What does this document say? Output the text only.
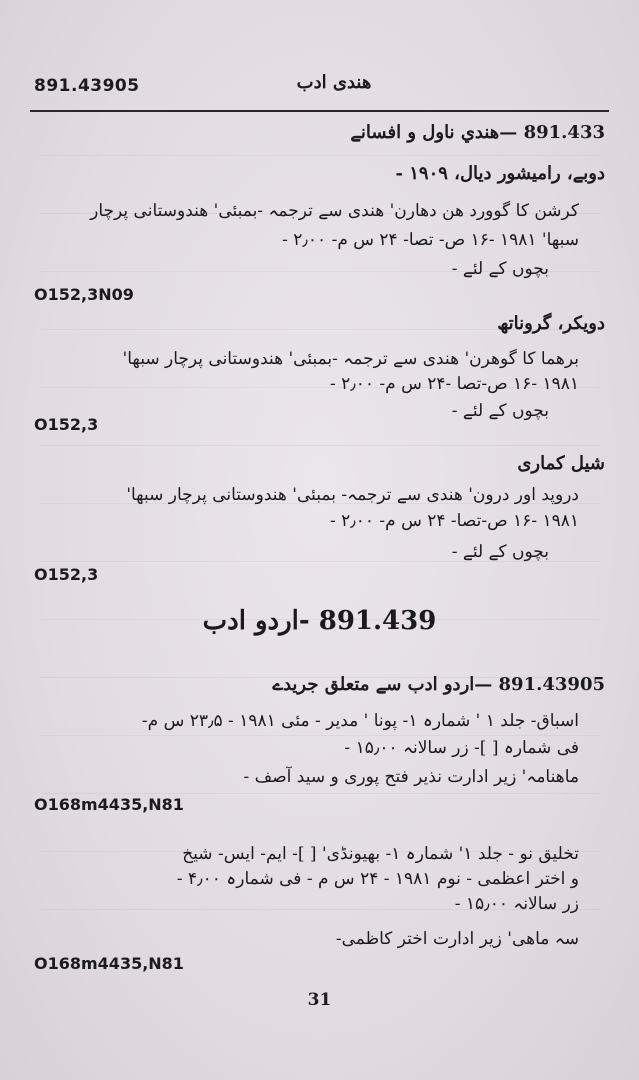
891.43905	هندی ادب
891.433 —هندي ناول و افسانے
دوبے، رامیشور دیال، ۱۹۰۹ -
کرشن کا گوورد ھن دھارن' ھندی سے ترجمہ -بمبئی' ھندوستانی پرچار
سبھا' ۱۹۸۱ -۱۶ ص- تصا- ۲۴ س م- ۲٫۰۰ -
بچوں کے لئے -
O152,3N09
دویکر، گروناتھ
برھما کا گوھرن' ھندی سے ترجمہ -بمبئی' ھندوستانی پرچار سبھا'
۱۹۸۱ -۱۶ ص-تصا -۲۴ س م- ۲٫۰۰ -
بچوں کے لئے -
O152,3
شیل کماری
دروپد اور درون' ھندی سے ترجمہ- بمبئی' ھندوستانی پرچار سبھا'
۱۹۸۱ -۱۶ ص-تصا- ۲۴ س م- ۲٫۰۰ -
بچوں کے لئے -
O152,3
891.439 -اردو ادب
891.43905 —اردو ادب سے متعلق جریدے
اسباق- جلد ۱ ' شمارہ ۱- پونا ' مدیر - مئی ۱۹۸۱ - ۲۳٫۵ س م-
فی شمارہ [ ]- زر سالانہ ۱۵٫۰۰ -
ماھنامہ' زیر ادارت نذیر فتح پوری و سید آصف -
O168m4435,N81
تخلیق نو - جلد ۱' شمارہ ۱- بھیونڈی' [ ]- ایم- ایس- شیخ
و اختر اعظمی - نوم ۱۹۸۱ - ۲۴ س م - فی شمارہ ۴٫۰۰ -
زر سالانہ ۱۵٫۰۰ -
سہ ماھی' زیر ادارت اختر کاظمی-
O168m4435,N81
31
